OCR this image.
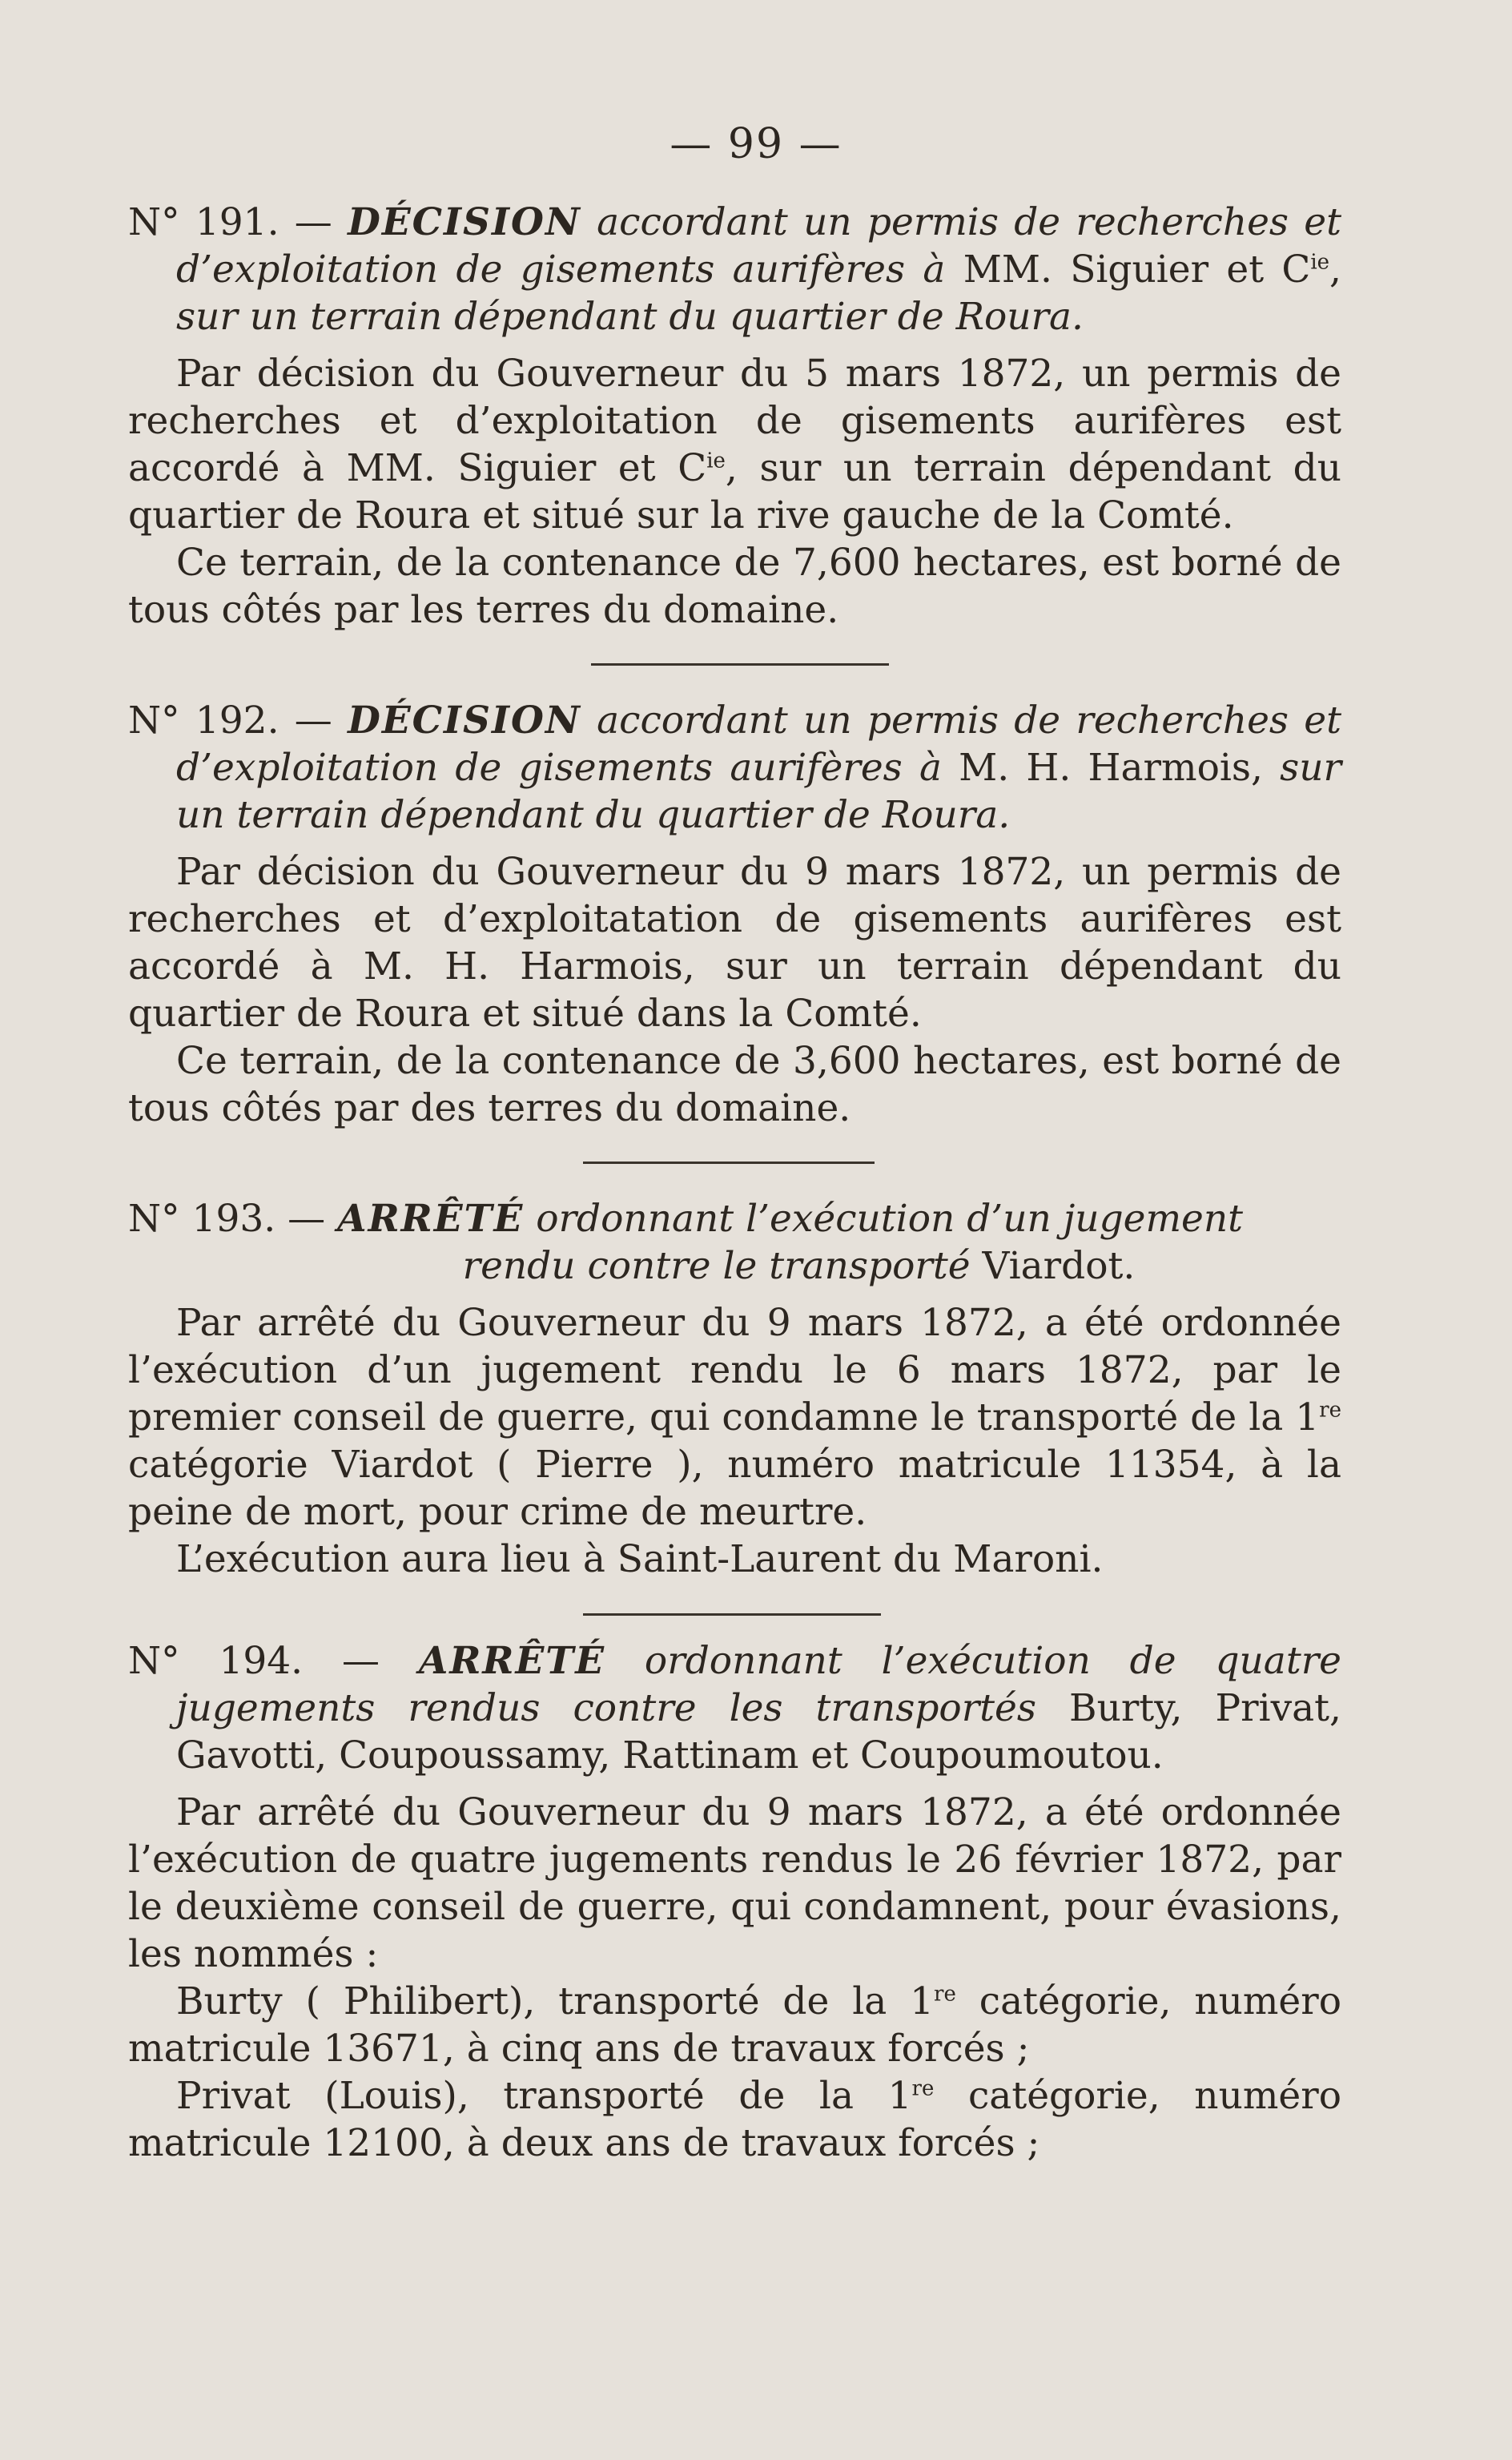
— 99 —

N° 191. — DÉCISION accordant un permis de recherches et d’exploitation de gisements aurifères à MM. Siguier et $C^{ie}$, sur un terrain dépendant du quartier de Roura.

Par décision du Gouverneur du 5 mars 1872, un permis de recherches et d’exploitation de gisements aurifères est accordé à MM. Siguier et $C^{ie}$, sur un terrain dépendant du quartier de Roura et situé sur la rive gauche de la Comté.

Ce terrain, de la contenance de 7,600 hectares, est borné de tous côtés par les terres du domaine.

N° 192. — DÉCISION accordant un permis de recherches et d’exploitation de gisements aurifères à M. H. Harmois, sur un terrain dépendant du quartier de Roura.

Par décision du Gouverneur du 9 mars 1872, un permis de recherches et d’exploitatation de gisements aurifères est accordé à M. H. Harmois, sur un terrain dépendant du quartier de Roura et situé dans la Comté.

Ce terrain, de la contenance de 3,600 hectares, est borné de tous côtés par des terres du domaine.

N° 193. — ARRÊTÉ ordonnant l’exécution d’un jugement
rendu contre le transporté Viardot.

Par arrêté du Gouverneur du 9 mars 1872, a été ordonnée l’exécution d’un jugement rendu le 6 mars 1872, par le premier conseil de guerre, qui condamne le transporté de la 1re catégorie Viardot ( Pierre ), numéro matricule 11354, à la peine de mort, pour crime de meurtre.

L’exécution aura lieu à Saint-Laurent du Maroni.

N° 194. — ARRÊTÉ ordonnant l’exécution de quatre jugements rendus contre les transportés Burty, Privat, Gavotti, Coupoussamy, Rattinam et Coupoumoutou.

Par arrêté du Gouverneur du 9 mars 1872, a été ordonnée l’exécution de quatre jugements rendus le 26 février 1872, par le deuxième conseil de guerre, qui condamnent, pour évasions, les nommés :

Burty ( Philibert), transporté de la 1re catégorie, numéro matricule 13671, à cinq ans de travaux forcés ;

Privat (Louis), transporté de la 1re catégorie, numéro matricule 12100, à deux ans de travaux forcés ;
